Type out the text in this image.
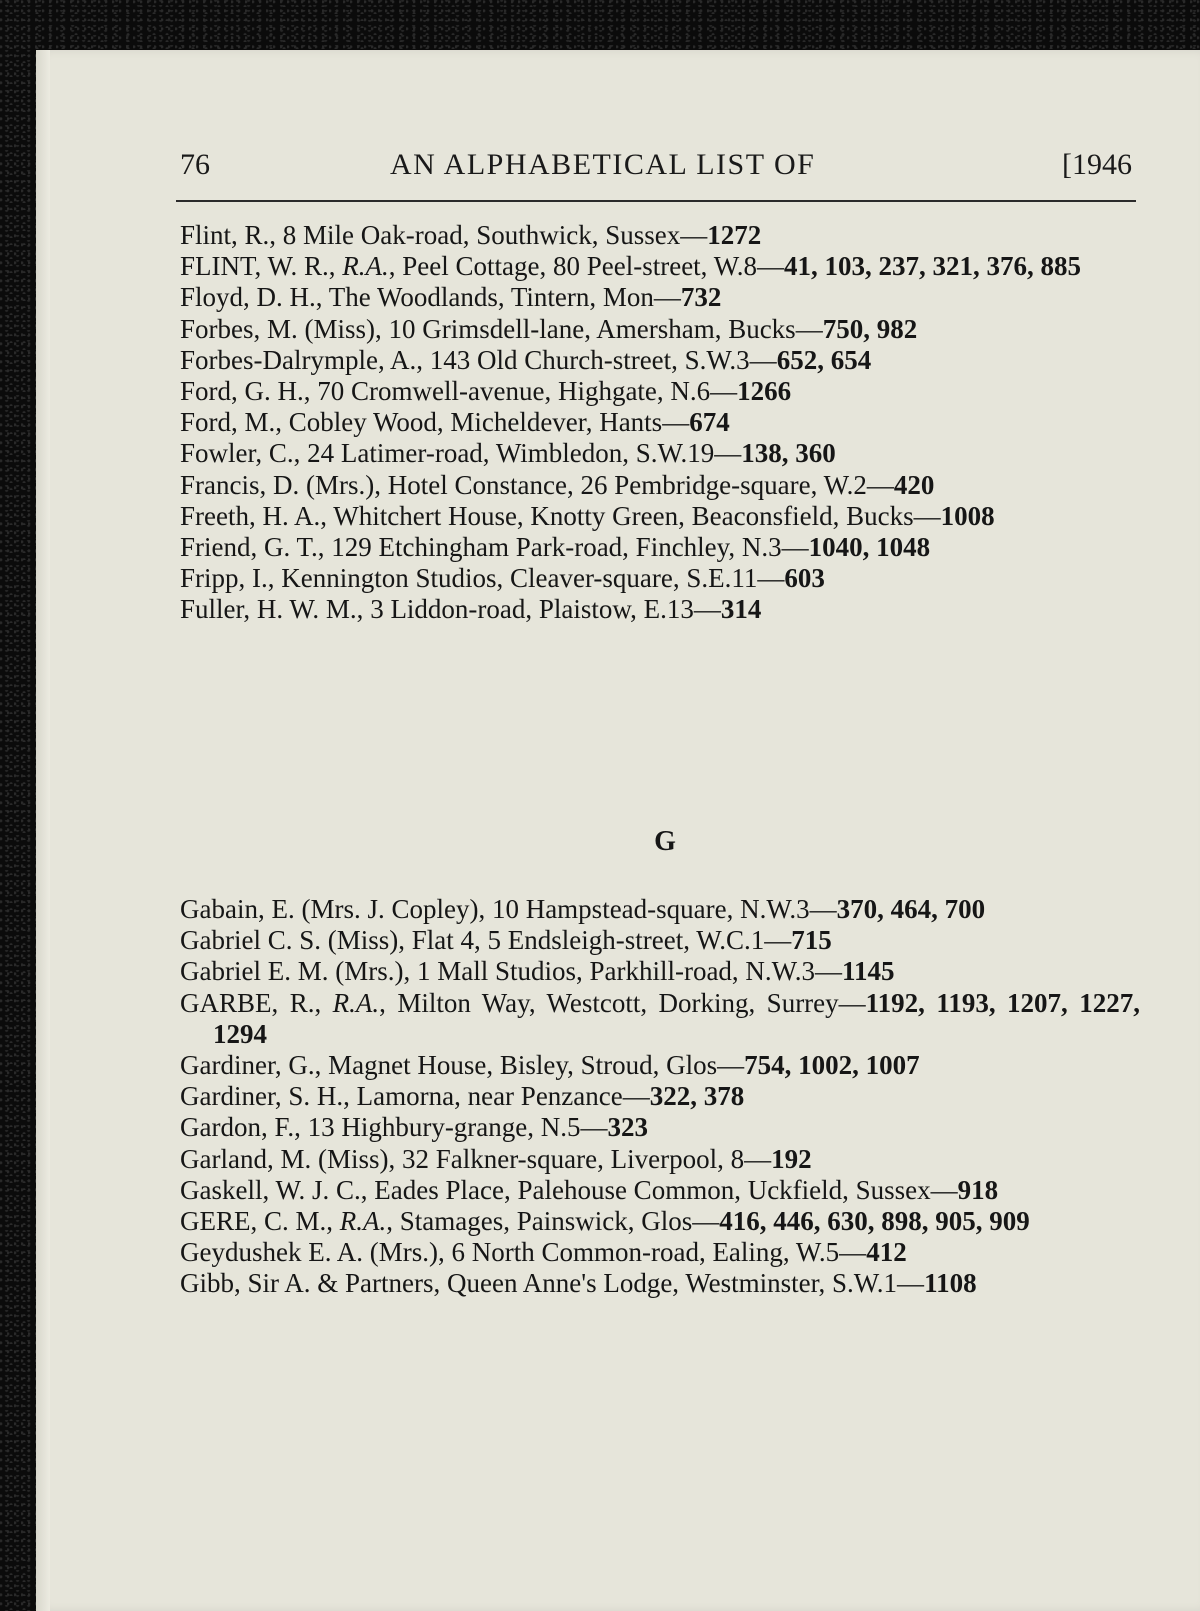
76	AN ALPHABETICAL LIST OF	[1946
Flint, R., 8 Mile Oak-road, Southwick, Sussex—1272
FLINT, W. R., R.A., Peel Cottage, 80 Peel-street, W.8—41, 103, 237, 321, 376, 885
Floyd, D. H., The Woodlands, Tintern, Mon—732
Forbes, M. (Miss), 10 Grimsdell-lane, Amersham, Bucks—750, 982
Forbes-Dalrymple, A., 143 Old Church-street, S.W.3—652, 654
Ford, G. H., 70 Cromwell-avenue, Highgate, N.6—1266
Ford, M., Cobley Wood, Micheldever, Hants—674
Fowler, C., 24 Latimer-road, Wimbledon, S.W.19—138, 360
Francis, D. (Mrs.), Hotel Constance, 26 Pembridge-square, W.2—420
Freeth, H. A., Whitchert House, Knotty Green, Beaconsfield, Bucks—1008
Friend, G. T., 129 Etchingham Park-road, Finchley, N.3—1040, 1048
Fripp, I., Kennington Studios, Cleaver-square, S.E.11—603
Fuller, H. W. M., 3 Liddon-road, Plaistow, E.13—314
G
Gabain, E. (Mrs. J. Copley), 10 Hampstead-square, N.W.3—370, 464, 700
Gabriel C. S. (Miss), Flat 4, 5 Endsleigh-street, W.C.1—715
Gabriel E. M. (Mrs.), 1 Mall Studios, Parkhill-road, N.W.3—1145
GARBE, R., R.A., Milton Way, Westcott, Dorking, Surrey—1192, 1193, 1207, 1227, 1294
Gardiner, G., Magnet House, Bisley, Stroud, Glos—754, 1002, 1007
Gardiner, S. H., Lamorna, near Penzance—322, 378
Gardon, F., 13 Highbury-grange, N.5—323
Garland, M. (Miss), 32 Falkner-square, Liverpool, 8—192
Gaskell, W. J. C., Eades Place, Palehouse Common, Uckfield, Sussex—918
GERE, C. M., R.A., Stamages, Painswick, Glos—416, 446, 630, 898, 905, 909
Geydushek E. A. (Mrs.), 6 North Common-road, Ealing, W.5—412
Gibb, Sir A. & Partners, Queen Anne's Lodge, Westminster, S.W.1—1108
